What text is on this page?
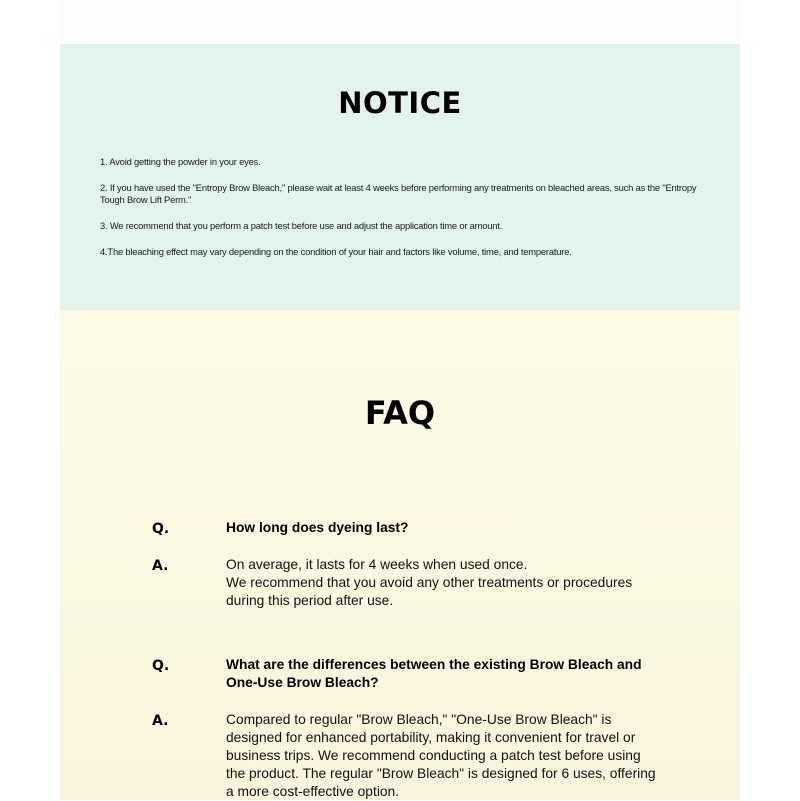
NOTICE
1. Avoid getting the powder in your eyes.
2. If you have used the "Entropy Brow Bleach," please wait at least 4 weeks before performing any treatments on bleached areas, such as the "Entropy Tough Brow Lift Perm."
3. We recommend that you perform a patch test before use and adjust the application time or amount.
4.The bleaching effect may vary depending on the condition of your hair and factors like volume, time, and temperature.
FAQ
Q.	How long does dyeing last?
A.	On average, it lasts for 4 weeks when used once.
We recommend that you avoid any other treatments or procedures during this period after use.
Q.	What are the differences between the existing Brow Bleach and One-Use Brow Bleach?
A.	Compared to regular "Brow Bleach," "One-Use Brow Bleach" is designed for enhanced portability, making it convenient for travel or business trips. We recommend conducting a patch test before using the product. The regular "Brow Bleach" is designed for 6 uses, offering a more cost-effective option.
